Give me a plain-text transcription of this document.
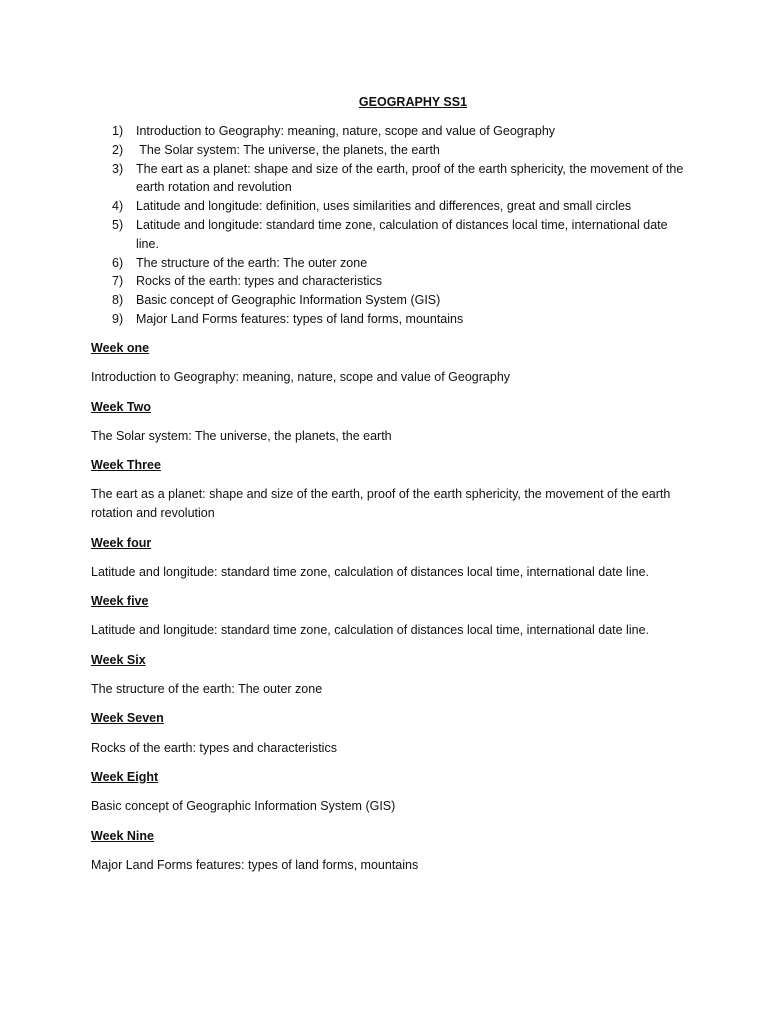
GEOGRAPHY SS1
1) Introduction to Geography: meaning, nature, scope and value of Geography
2) The Solar system: The universe, the planets, the earth
3) The eart as a planet: shape and size of the earth, proof of the earth sphericity, the movement of the earth rotation and revolution
4) Latitude and longitude: definition, uses similarities and differences, great and small circles
5) Latitude and longitude: standard time zone, calculation of distances local time, international date line.
6) The structure of the earth: The outer zone
7) Rocks of the earth: types and characteristics
8) Basic concept of Geographic Information System (GIS)
9) Major Land Forms features: types of land forms, mountains

Week one

Introduction to Geography: meaning, nature, scope and value of Geography

Week Two

The Solar system: The universe, the planets, the earth

Week Three

The eart as a planet: shape and size of the earth, proof of the earth sphericity, the movement of the earth rotation and revolution

Week four

Latitude and longitude: standard time zone, calculation of distances local time, international date line.

Week five

Latitude and longitude: standard time zone, calculation of distances local time, international date line.

Week Six

The structure of the earth: The outer zone

Week Seven

Rocks of the earth: types and characteristics

Week Eight

Basic concept of Geographic Information System (GIS)

Week Nine

Major Land Forms features: types of land forms, mountains
